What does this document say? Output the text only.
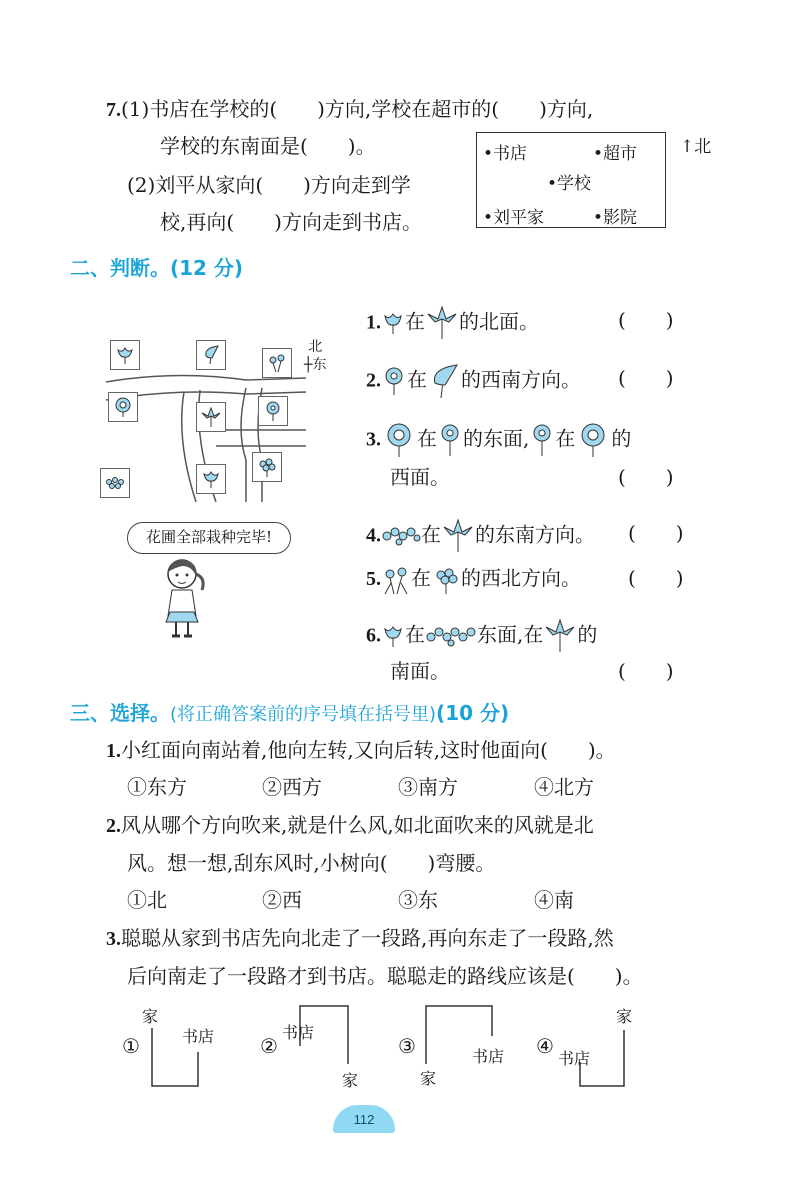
7.(1)书店在学校的(　　)方向,学校在超市的(　　)方向,
学校的东南面是(　　)。
(2)刘平从家向(　　)方向走到学
校,再向(　　)方向走到书店。
•书店	•超市
•学校
•刘平家	•影院
↑北
二、判断。(12 分)
北
┼东
花圃全部栽种完毕!
1. 在 的北面。	(　　)
2. 在 的西南方向。 (　　)
3. 在 的东面, 在 的
西面。	(　　)
4. 在 的东南方向。 (　　)
5. 在 的西北方向。 (　　)
6. 在	东面,在 的
南面。	(　　)
三、选择。(将正确答案前的序号填在括号里)(10 分)
1.小红面向南站着,他向左转,又向后转,这时他面向(　　)。
①东方	②西方	③南方	④北方
2.风从哪个方向吹来,就是什么风,如北面吹来的风就是北
风。想一想,刮东风时,小树向(　　)弯腰。
①北	②西	③东	④南
3.聪聪从家到书店先向北走了一段路,再向东走了一段路,然
后向南走了一段路才到书店。聪聪走的路线应该是(　　)。
①
家
书店 ②
书店
家
③
家
书店 ④
书店
家
112
